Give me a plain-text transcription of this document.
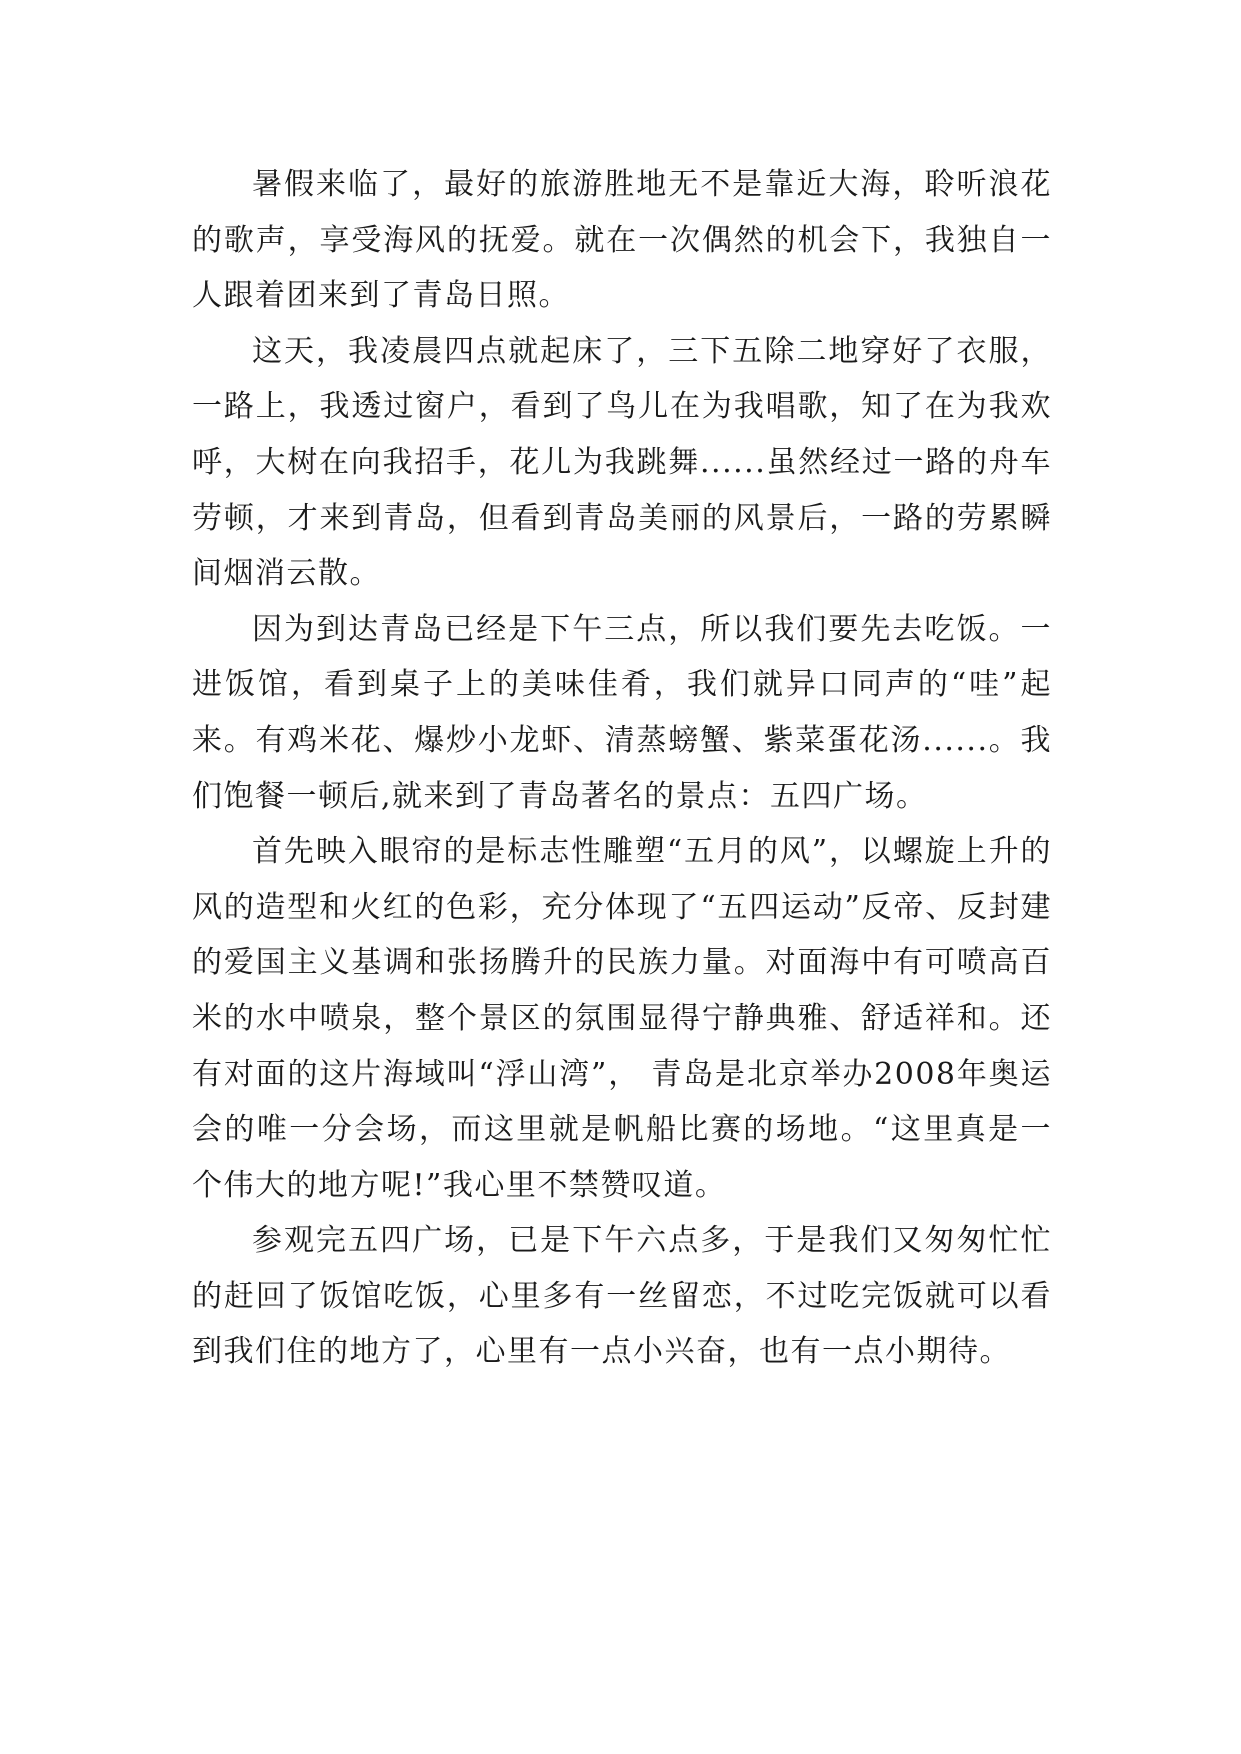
暑假来临了，最好的旅游胜地无不是靠近大海，聆听浪花的歌声，享受海风的抚爱。就在一次偶然的机会下，我独自一人跟着团来到了青岛日照。

这天，我凌晨四点就起床了，三下五除二地穿好了衣服，一路上，我透过窗户，看到了鸟儿在为我唱歌，知了在为我欢呼，大树在向我招手，花儿为我跳舞......虽然经过一路的舟车劳顿，才来到青岛，但看到青岛美丽的风景后，一路的劳累瞬间烟消云散。

因为到达青岛已经是下午三点，所以我们要先去吃饭。一进饭馆，看到桌子上的美味佳肴，我们就异口同声的“哇”起来。有鸡米花、爆炒小龙虾、清蒸螃蟹、紫菜蛋花汤......。我们饱餐一顿后,就来到了青岛著名的景点：五四广场。

首先映入眼帘的是标志性雕塑“五月的风”，以螺旋上升的风的造型和火红的色彩，充分体现了“五四运动”反帝、反封建的爱国主义基调和张扬腾升的民族力量。对面海中有可喷高百米的水中喷泉，整个景区的氛围显得宁静典雅、舒适祥和。还有对面的这片海域叫“浮山湾”， 青岛是北京举办2008年奥运会的唯一分会场，而这里就是帆船比赛的场地。“这里真是一个伟大的地方呢!”我心里不禁赞叹道。

参观完五四广场，已是下午六点多，于是我们又匆匆忙忙的赶回了饭馆吃饭，心里多有一丝留恋，不过吃完饭就可以看到我们住的地方了，心里有一点小兴奋，也有一点小期待。
